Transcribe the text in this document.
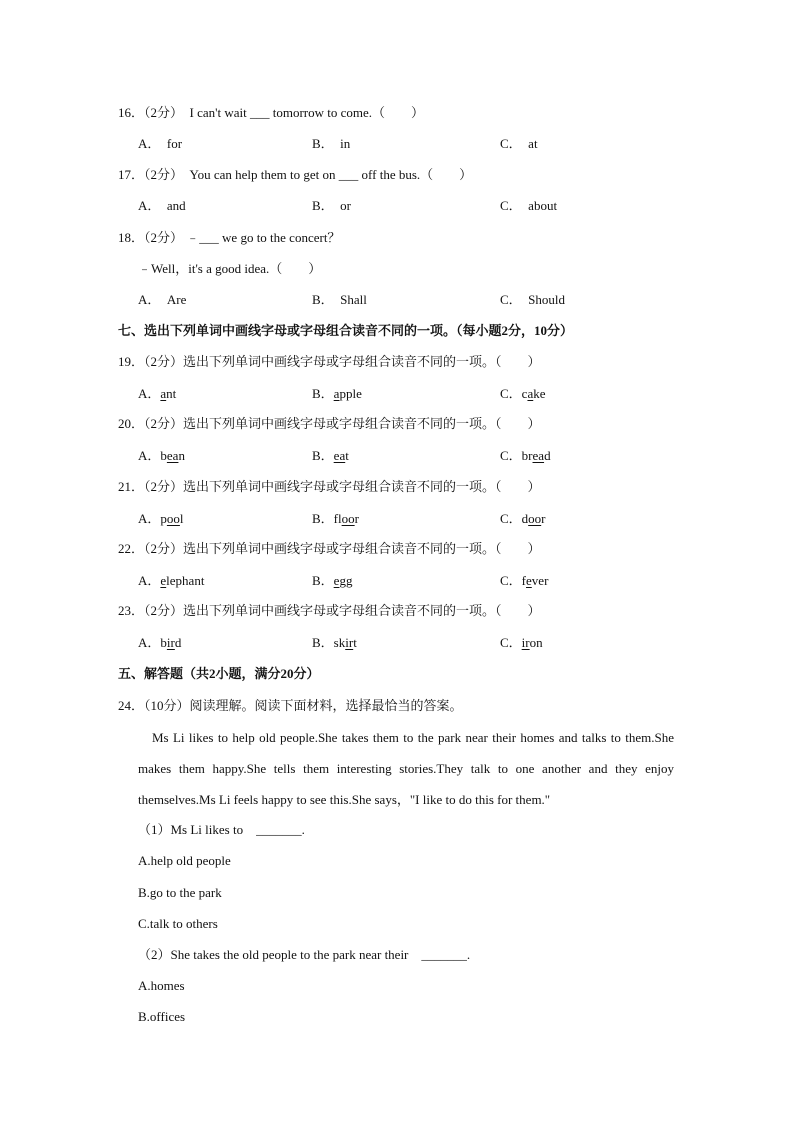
16．（2分） I can't wait ___ tomorrow to come.（　　）
A． for	B． in	C． at
17．（2分） You can help them to get on ___ off the bus.（　　）
A． and	B． or	C． about
18．（2分） ﹣___ we go to the concert？
﹣Well，it's a good idea.（　　）
A． Are	B． Shall	C． Should
七、选出下列单词中画线字母或字母组合读音不同的一项。（每小题2分，10分）
19．（2分）选出下列单词中画线字母或字母组合读音不同的一项。（　　）
A．ant	B．apple	C．cake
20．（2分）选出下列单词中画线字母或字母组合读音不同的一项。（　　）
A．bean	B．eat	C．bread
21．（2分）选出下列单词中画线字母或字母组合读音不同的一项。（　　）
A．pool	B．floor	C．door
22．（2分）选出下列单词中画线字母或字母组合读音不同的一项。（　　）
A．elephant	B．egg	C．fever
23．（2分）选出下列单词中画线字母或字母组合读音不同的一项。（　　）
A．bird	B．skirt	C．iron
五、解答题（共2小题，满分20分）
24．（10分）阅读理解。阅读下面材料，选择最恰当的答案。
Ms Li likes to help old people.She takes them to the park near their homes and talks to them.She makes them happy.She tells them interesting stories.They talk to one another and they enjoy themselves.Ms Li feels happy to see this.She says，"I like to do this for them."
（1）Ms Li likes to _______.
A.help old people
B.go to the park
C.talk to others
（2）She takes the old people to the park near their _______.
A.homes
B.offices
